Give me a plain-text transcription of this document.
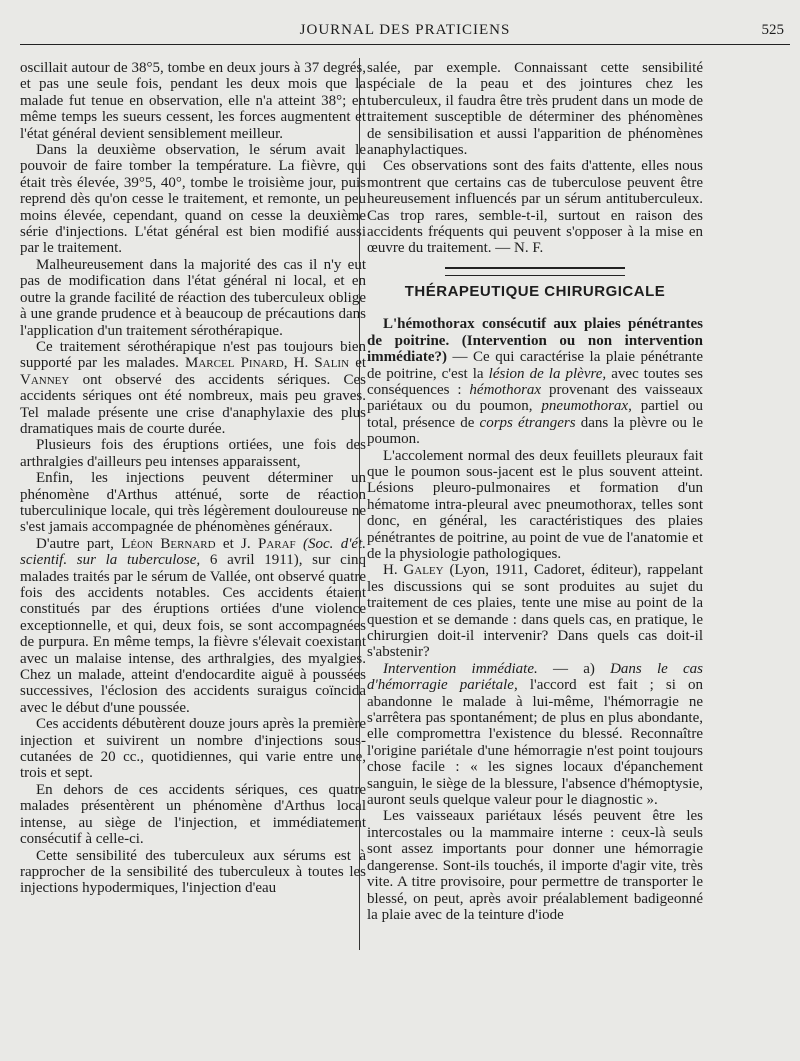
JOURNAL DES PRATICIENS	525

oscillait autour de 38°5, tombe en deux jours à 37 degrés, et pas une seule fois, pendant les deux mois que la malade fut tenue en observation, elle n'a atteint 38°; en même temps les sueurs cessent, les forces augmentent et l'état général devient sensiblement meilleur.

Dans la deuxième observation, le sérum avait le pouvoir de faire tomber la température. La fièvre, qui était très élevée, 39°5, 40°, tombe le troisième jour, puis reprend dès qu'on cesse le traitement, et remonte, un peu moins élevée, cependant, quand on cesse la deuxième série d'injections. L'état général est bien modifié aussi par le traitement.

Malheureusement dans la majorité des cas il n'y eut pas de modification dans l'état général ni local, et en outre la grande facilité de réaction des tuberculeux oblige à une grande prudence et à beaucoup de précautions dans l'application d'un traitement sérothérapique.

Ce traitement sérothérapique n'est pas toujours bien supporté par les malades. Marcel Pinard, H. Salin et Vanney ont observé des accidents sériques. Ces accidents sériques ont été nombreux, mais peu graves. Tel malade présente une crise d'anaphylaxie des plus dramatiques mais de courte durée.

Plusieurs fois des éruptions ortiées, une fois des arthralgies d'ailleurs peu intenses apparaissent,

Enfin, les injections peuvent déterminer un phénomène d'Arthus atténué, sorte de réaction tuberculinique locale, qui très légèrement douloureuse ne s'est jamais accompagnée de phénomènes généraux.

D'autre part, Léon Bernard et J. Paraf (Soc. d'ét. scientif. sur la tuberculose, 6 avril 1911), sur cinq malades traités par le sérum de Vallée, ont observé quatre fois des accidents notables. Ces accidents étaient constitués par des éruptions ortiées d'une violence exceptionnelle, et qui, deux fois, se sont accompagnées de purpura. En même temps, la fièvre s'élevait coexistant avec un malaise intense, des arthralgies, des myalgies. Chez un malade, atteint d'endocardite aiguë à poussées successives, l'éclosion des accidents suraigus coïncida avec le début d'une poussée.

Ces accidents débutèrent douze jours après la première injection et suivirent un nombre d'injections sous-cutanées de 20 cc., quotidiennes, qui varie entre une, trois et sept.

En dehors de ces accidents sériques, ces quatre malades présentèrent un phénomène d'Arthus local intense, au siège de l'injection, et immédiatement consécutif à celle-ci.

Cette sensibilité des tuberculeux aux sérums est à rapprocher de la sensibilité des tuberculeux à toutes les injections hypodermiques, l'injection d'eau

salée, par exemple. Connaissant cette sensibilité spéciale de la peau et des jointures chez les tuberculeux, il faudra être très prudent dans un mode de traitement susceptible de déterminer des phénomènes de sensibilisation et aussi l'apparition de phénomènes anaphylactiques.

Ces observations sont des faits d'attente, elles nous montrent que certains cas de tuberculose peuvent être heureusement influencés par un sérum antituberculeux. Cas trop rares, semble-t-il, surtout en raison des accidents fréquents qui peuvent s'opposer à la mise en œuvre du traitement. — N. F.

THÉRAPEUTIQUE CHIRURGICALE

L'hémothorax consécutif aux plaies pénétrantes de poitrine. (Intervention ou non intervention immédiate?) — Ce qui caractérise la plaie pénétrante de poitrine, c'est la lésion de la plèvre, avec toutes ses conséquences : hémothorax provenant des vaisseaux pariétaux ou du poumon, pneumothorax, partiel ou total, présence de corps étrangers dans la plèvre ou le poumon.

L'accolement normal des deux feuillets pleuraux fait que le poumon sous-jacent est le plus souvent atteint. Lésions pleuro-pulmonaires et formation d'un hématome intra-pleural avec pneumothorax, telles sont donc, en général, les caractéristiques des plaies pénétrantes de poitrine, au point de vue de l'anatomie et de la physiologie pathologiques.

H. Galey (Lyon, 1911, Cadoret, éditeur), rappelant les discussions qui se sont produites au sujet du traitement de ces plaies, tente une mise au point de la question et se demande : dans quels cas, en pratique, le chirurgien doit-il intervenir? Dans quels cas doit-il s'abstenir?

Intervention immédiate. — a) Dans le cas d'hémorragie pariétale, l'accord est fait ; si on abandonne le malade à lui-même, l'hémorragie ne s'arrêtera pas spontanément; de plus en plus abondante, elle compromettra l'existence du blessé. Reconnaître l'origine pariétale d'une hémorragie n'est point toujours chose facile : « les signes locaux d'épanchement sanguin, le siège de la blessure, l'absence d'hémoptysie, auront seuls quelque valeur pour le diagnostic ».

Les vaisseaux pariétaux lésés peuvent être les intercostales ou la mammaire interne : ceux-là seuls sont assez importants pour donner une hémorragie dangerense. Sont-ils touchés, il importe d'agir vite, très vite. A titre provisoire, pour permettre de transporter le blessé, on peut, après avoir préalablement badigeonné la plaie avec de la teinture d'iode
